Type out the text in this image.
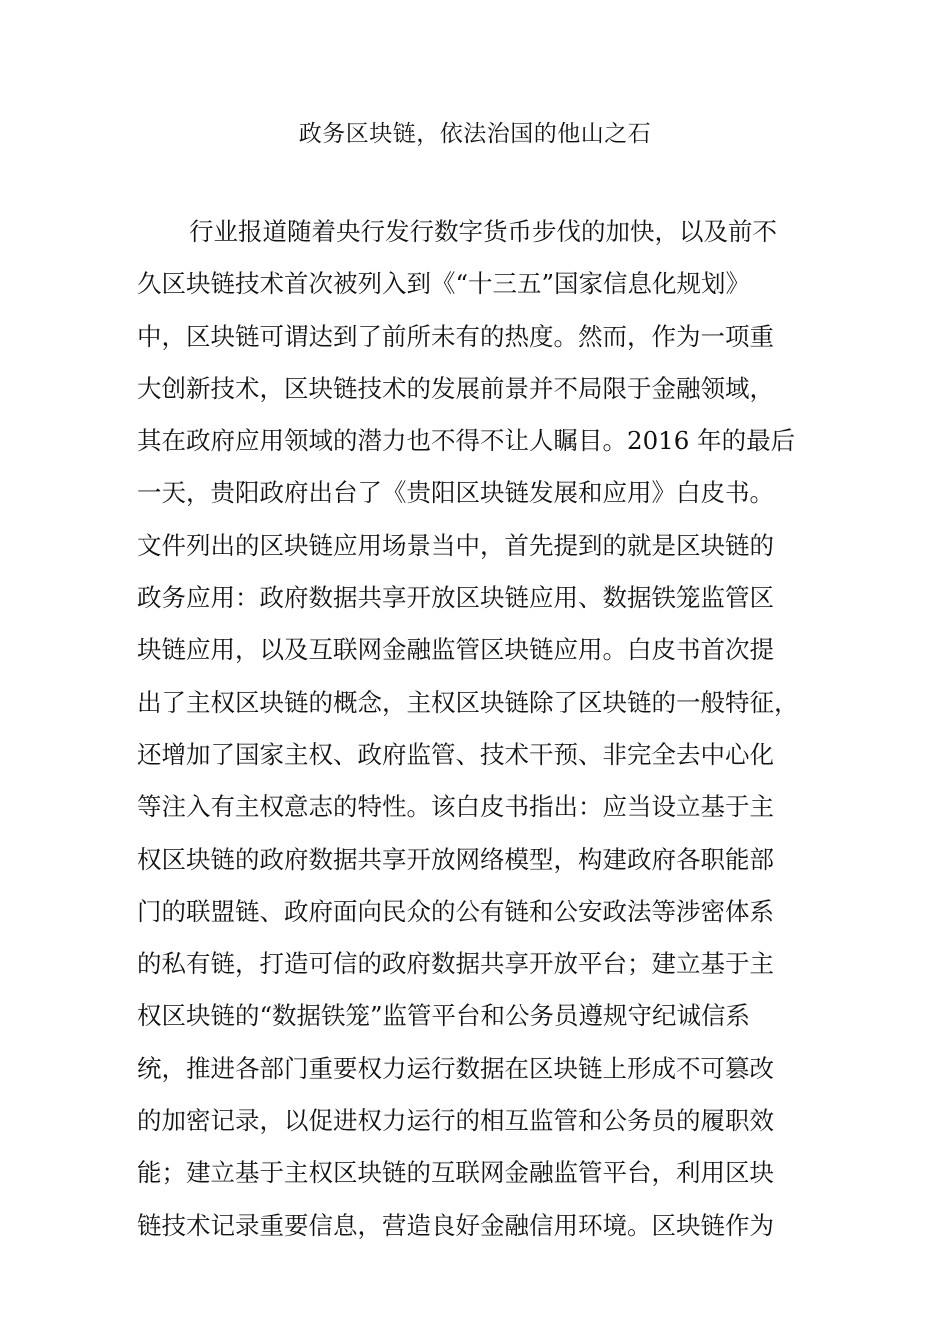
政务区块链，依法治国的他山之石
行业报道随着央行发行数字货币步伐的加快，以及前不
久区块链技术首次被列入到《“十三五”国家信息化规划》
中，区块链可谓达到了前所未有的热度。然而，作为一项重
大创新技术，区块链技术的发展前景并不局限于金融领域，
其在政府应用领域的潜力也不得不让人瞩目。2016 年的最后
一天，贵阳政府出台了《贵阳区块链发展和应用》白皮书。
文件列出的区块链应用场景当中，首先提到的就是区块链的
政务应用：政府数据共享开放区块链应用、数据铁笼监管区
块链应用，以及互联网金融监管区块链应用。白皮书首次提
出了主权区块链的概念，主权区块链除了区块链的一般特征，
还增加了国家主权、政府监管、技术干预、非完全去中心化
等注入有主权意志的特性。该白皮书指出：应当设立基于主
权区块链的政府数据共享开放网络模型，构建政府各职能部
门的联盟链、政府面向民众的公有链和公安政法等涉密体系
的私有链，打造可信的政府数据共享开放平台；建立基于主
权区块链的“数据铁笼”监管平台和公务员遵规守纪诚信系
统，推进各部门重要权力运行数据在区块链上形成不可篡改
的加密记录，以促进权力运行的相互监管和公务员的履职效
能；建立基于主权区块链的互联网金融监管平台，利用区块
链技术记录重要信息，营造良好金融信用环境。区块链作为
